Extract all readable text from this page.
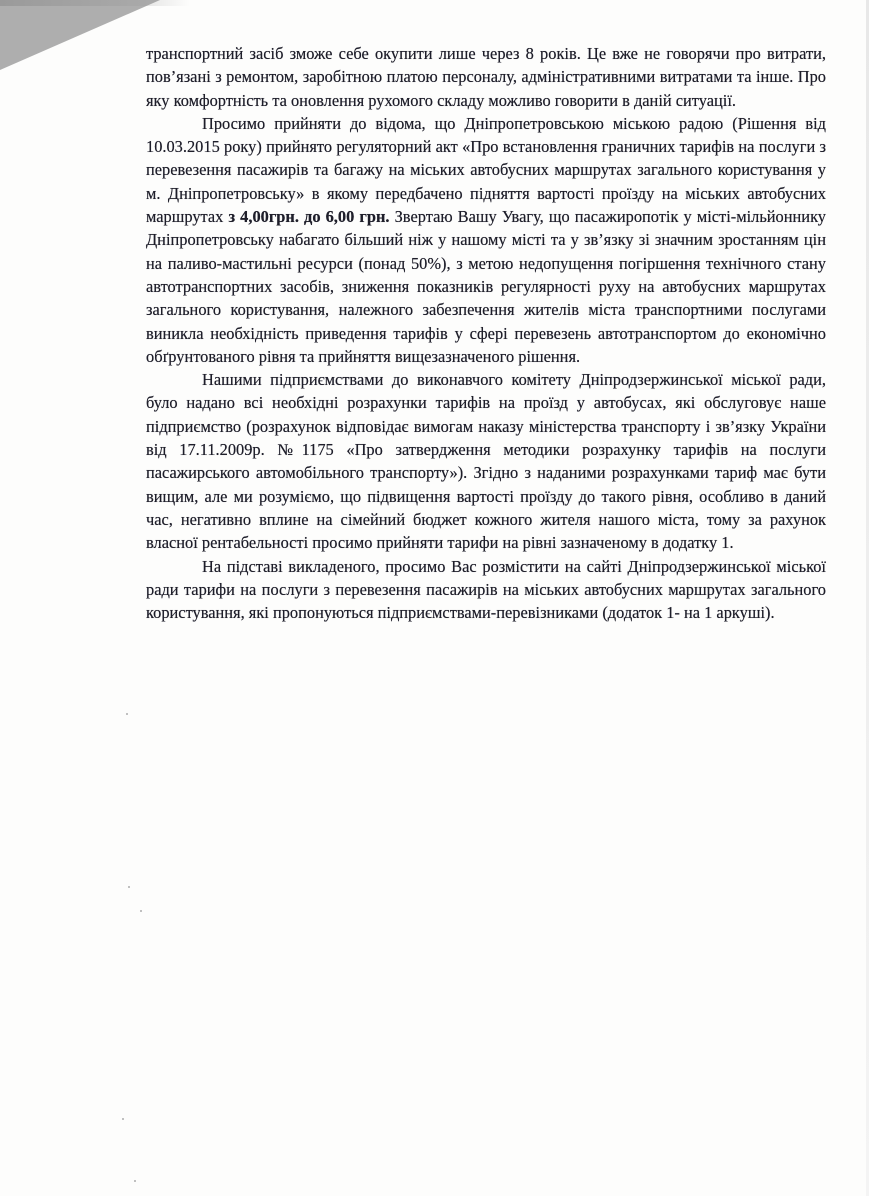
транспортний засіб зможе себе окупити лише через 8 років. Це вже не говорячи про витрати, пов’язані з ремонтом, заробітною платою персоналу, адміністративними витратами та інше. Про яку комфортність та оновлення рухомого складу можливо говорити в даній ситуації.

Просимо прийняти до відома, що Дніпропетровською міською радою (Рішення від 10.03.2015 року) прийнято регуляторний акт «Про встановлення граничних тарифів на послуги з перевезення пасажирів та багажу на міських автобусних маршрутах загального користування у м. Дніпропетровську» в якому передбачено підняття вартості проїзду на міських автобусних маршрутах з 4,00грн. до 6,00 грн. Звертаю Вашу Увагу, що пасажиропотік у місті-мільйоннику Дніпропетровську набагато більший ніж у нашому місті та у зв’язку зі значним зростанням цін на паливо-мастильні ресурси (понад 50%), з метою недопущення погіршення технічного стану автотранспортних засобів, зниження показників регулярності руху на автобусних маршрутах загального користування, належного забезпечення жителів міста транспортними послугами виникла необхідність приведення тарифів у сфері перевезень автотранспортом до економічно обґрунтованого рівня та прийняття вищезазначеного рішення.

Нашими підприємствами до виконавчого комітету Дніпродзержинської міської ради, було надано всі необхідні розрахунки тарифів на проїзд у автобусах, які обслуговує наше підприємство (розрахунок відповідає вимогам наказу міністерства транспорту і зв’язку України від 17.11.2009р. №1175 «Про затвердження методики розрахунку тарифів на послуги пасажирського автомобільного транспорту»). Згідно з наданими розрахунками тариф має бути вищим, але ми розуміємо, що підвищення вартості проїзду до такого рівня, особливо в даний час, негативно вплине на сімейний бюджет кожного жителя нашого міста, тому за рахунок власної рентабельності просимо прийняти тарифи на рівні зазначеному в додатку 1.

На підставі викладеного, просимо Вас розмістити на сайті Дніпродзержинської міської ради тарифи на послуги з перевезення пасажирів на міських автобусних маршрутах загального користування, які пропонуються підприємствами-перевізниками (додаток 1- на 1 аркуші).
